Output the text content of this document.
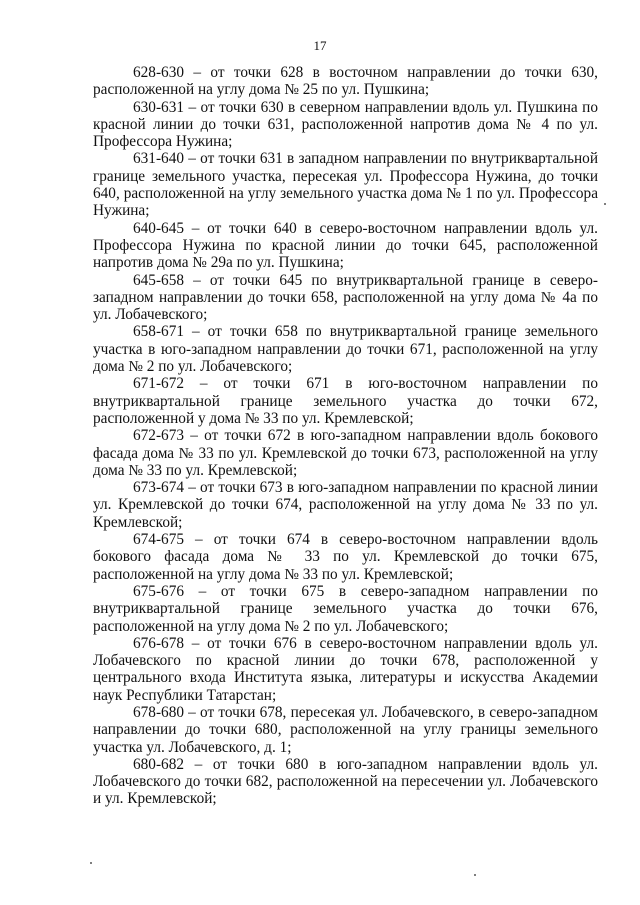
17

628-630 – от точки 628 в восточном направлении до точки 630, расположенной на углу дома № 25 по ул. Пушкина;

630-631 – от точки 630 в северном направлении вдоль ул. Пушкина по красной линии до точки 631, расположенной напротив дома № 4 по ул. Профессора Нужина;

631-640 – от точки 631 в западном направлении по внутриквартальной границе земельного участка, пересекая ул. Профессора Нужина, до точки 640, расположенной на углу земельного участка дома № 1 по ул. Профессора Нужина;

640-645 – от точки 640 в северо-восточном направлении вдоль ул. Профессора Нужина по красной линии до точки 645, расположенной напротив дома № 29а по ул. Пушкина;

645-658 – от точки 645 по внутриквартальной границе в северо-западном направлении до точки 658, расположенной на углу дома № 4а по ул. Лобачевского;

658-671 – от точки 658 по внутриквартальной границе земельного участка в юго-западном направлении до точки 671, расположенной на углу дома № 2 по ул. Лобачевского;

671-672 – от точки 671 в юго-восточном направлении по внутриквартальной границе земельного участка до точки 672, расположенной у дома № 33 по ул. Кремлевской;

672-673 – от точки 672 в юго-западном направлении вдоль бокового фасада дома № 33 по ул. Кремлевской до точки 673, расположенной на углу дома № 33 по ул. Кремлевской;

673-674 – от точки 673 в юго-западном направлении по красной линии ул. Кремлевской до точки 674, расположенной на углу дома № 33 по ул. Кремлевской;

674-675 – от точки 674 в северо-восточном направлении вдоль бокового фасада дома № 33 по ул. Кремлевской до точки 675, расположенной на углу дома № 33 по ул. Кремлевской;

675-676 – от точки 675 в северо-западном направлении по внутриквартальной границе земельного участка до точки 676, расположенной на углу дома № 2 по ул. Лобачевского;

676-678 – от точки 676 в северо-восточном направлении вдоль ул. Лобачевского по красной линии до точки 678, расположенной у центрального входа Института языка, литературы и искусства Академии наук Республики Татарстан;

678-680 – от точки 678, пересекая ул. Лобачевского, в северо-западном направлении до точки 680, расположенной на углу границы земельного участка ул. Лобачевского, д. 1;

680-682 – от точки 680 в юго-западном направлении вдоль ул. Лобачевского до точки 682, расположенной на пересечении ул. Лобачевского и ул. Кремлевской;
